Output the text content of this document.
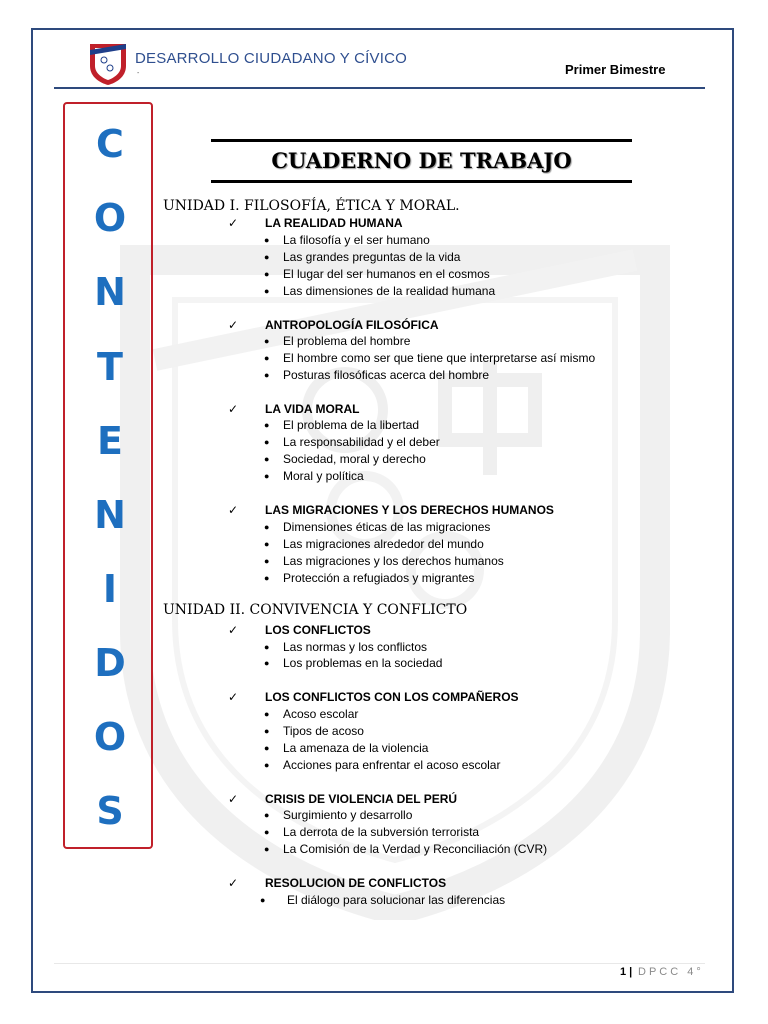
DESARROLLO CIUDADANO Y CÍVICO
-	Primer Bimestre
C
O
N
T
E
N
I
D
O
S
CUADERNO DE TRABAJO
UNIDAD I. FILOSOFÍA, ÉTICA Y MORAL.
✓ LA REALIDAD HUMANA
● La filosofía y el ser humano
● Las grandes preguntas de la vida
● El lugar del ser humanos en el cosmos
● Las dimensiones de la realidad humana
✓ ANTROPOLOGÍA FILOSÓFICA
● El problema del hombre
● El hombre como ser que tiene que interpretarse así mismo
● Posturas filosóficas acerca del hombre
✓ LA VIDA MORAL
● El problema de la libertad
● La responsabilidad y el deber
● Sociedad, moral y derecho
● Moral y política
✓ LAS MIGRACIONES Y LOS DERECHOS HUMANOS
● Dimensiones éticas de las migraciones
● Las migraciones alrededor del mundo
● Las migraciones y los derechos humanos
● Protección a refugiados y migrantes
UNIDAD II. CONVIVENCIA Y CONFLICTO
✓ LOS CONFLICTOS
● Las normas y los conflictos
● Los problemas en la sociedad
✓ LOS CONFLICTOS CON LOS COMPAÑEROS
● Acoso escolar
● Tipos de acoso
● La amenaza de la violencia
● Acciones para enfrentar el acoso escolar
✓ CRISIS DE VIOLENCIA DEL PERÚ
● Surgimiento y desarrollo
● La derrota de la subversión terrorista
● La Comisión de la Verdad y Reconciliación (CVR)
✓ RESOLUCION DE CONFLICTOS
● El diálogo para solucionar las diferencias
1 | DPCC 4°
